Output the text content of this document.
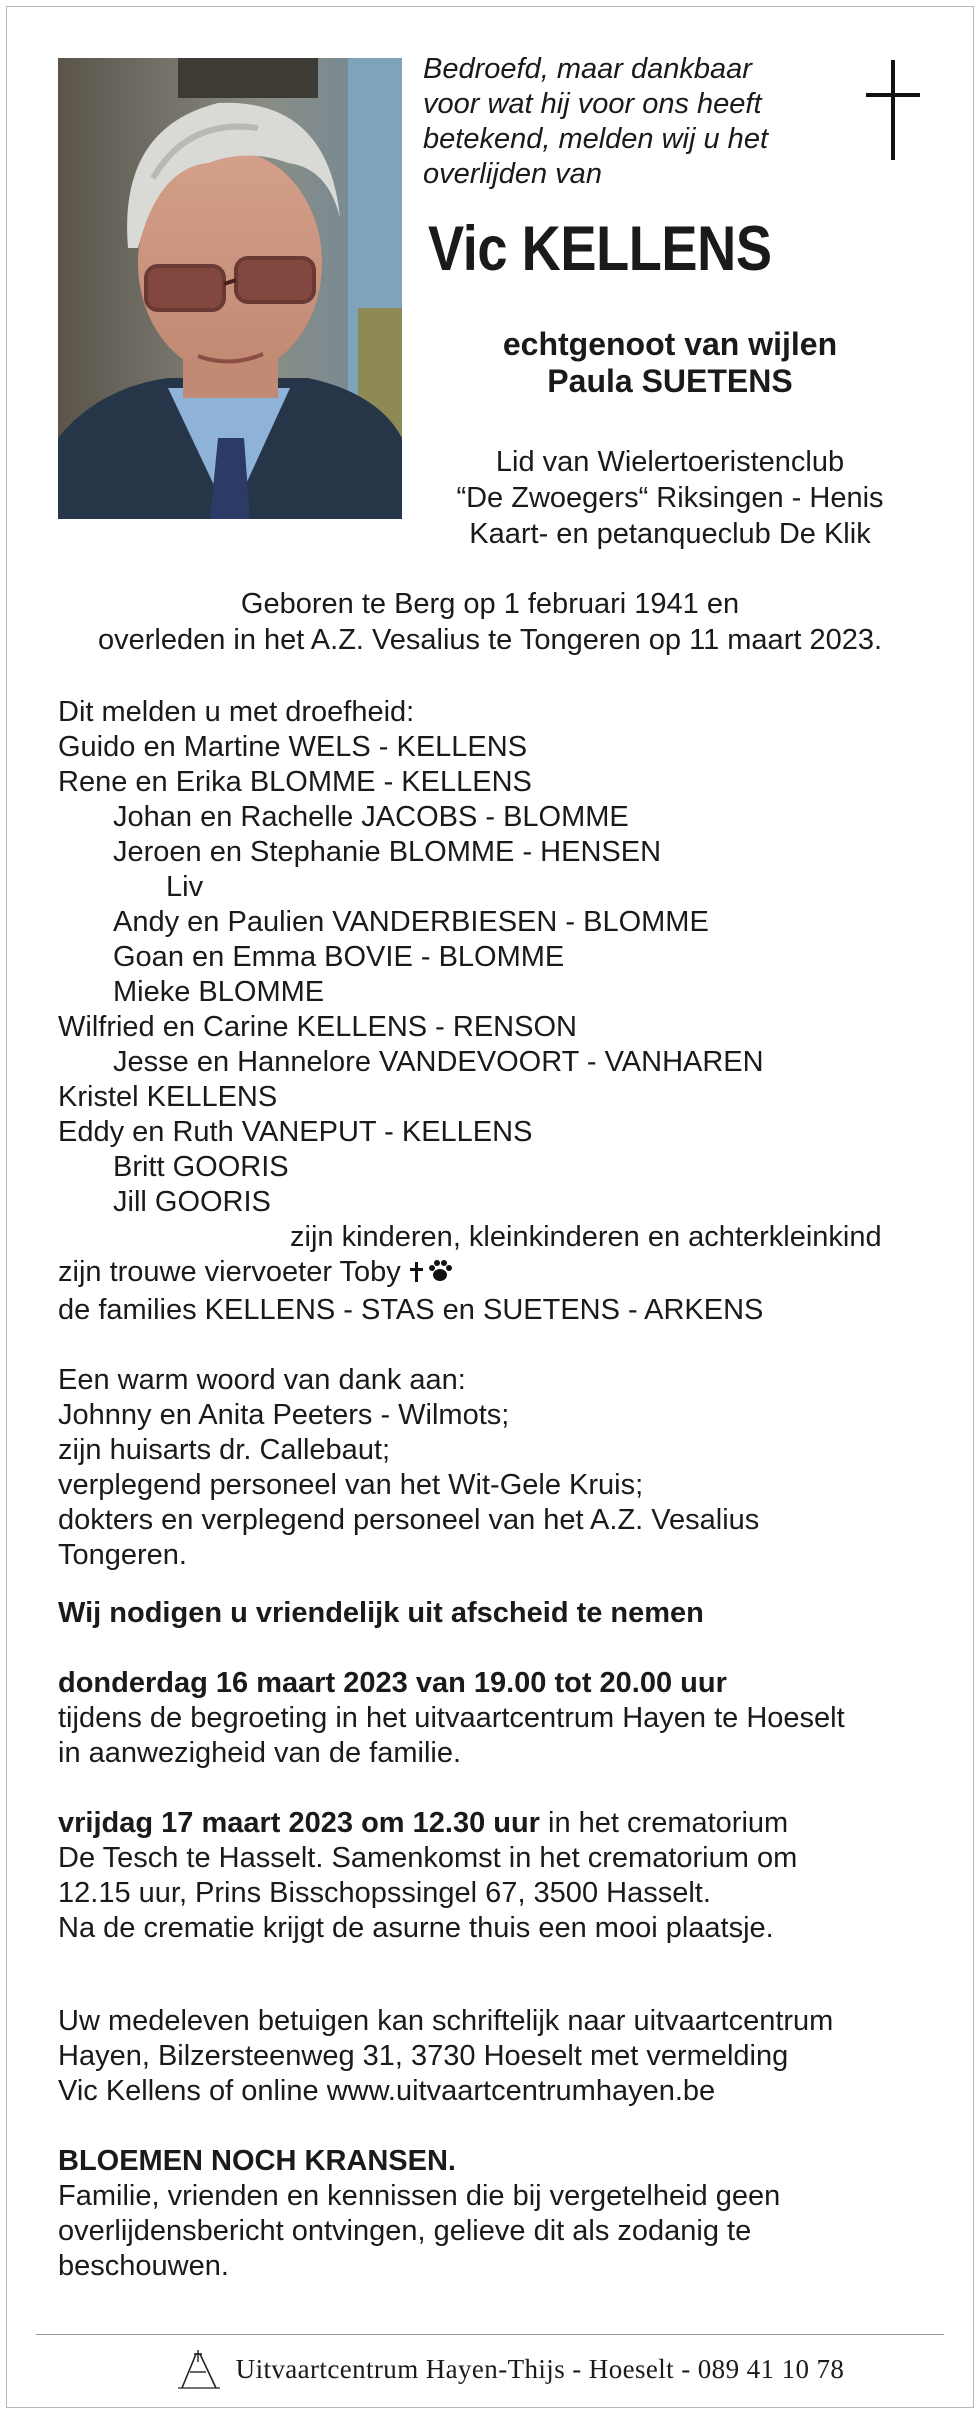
Bedroefd, maar dankbaar
voor wat hij voor ons heeft
betekend, melden wij u het
overlijden van
Vic KELLENS
echtgenoot van wijlen
Paula SUETENS
Lid van Wielertoeristenclub
“De Zwoegers“ Riksingen - Henis
Kaart- en petanqueclub De Klik
Geboren te Berg op 1 februari 1941 en
overleden in het A.Z. Vesalius te Tongeren op 11 maart 2023.
Dit melden u met droefheid:
Guido en Martine WELS - KELLENS
Rene en Erika BLOMME - KELLENS
Johan en Rachelle JACOBS - BLOMME
Jeroen en Stephanie BLOMME - HENSEN
Liv
Andy en Paulien VANDERBIESEN - BLOMME
Goan en Emma BOVIE - BLOMME
Mieke BLOMME
Wilfried en Carine KELLENS - RENSON
Jesse en Hannelore VANDEVOORT - VANHAREN
Kristel KELLENS
Eddy en Ruth VANEPUT - KELLENS
Britt GOORIS
Jill GOORIS
zijn kinderen, kleinkinderen en achterkleinkind
zijn trouwe viervoeter Toby
de families KELLENS - STAS en SUETENS - ARKENS
Een warm woord van dank aan:
Johnny en Anita Peeters - Wilmots;
zijn huisarts dr. Callebaut;
verplegend personeel van het Wit-Gele Kruis;
dokters en verplegend personeel van het A.Z. Vesalius
Tongeren.
Wij nodigen u vriendelijk uit afscheid te nemen
donderdag 16 maart 2023 van 19.00 tot 20.00 uur
tijdens de begroeting in het uitvaartcentrum Hayen te Hoeselt
in aanwezigheid van de familie.
vrijdag 17 maart 2023 om 12.30 uur in het crematorium
De Tesch te Hasselt. Samenkomst in het crematorium om
12.15 uur, Prins Bisschopssingel 67, 3500 Hasselt.
Na de crematie krijgt de asurne thuis een mooi plaatsje.
Uw medeleven betuigen kan schriftelijk naar uitvaartcentrum
Hayen, Bilzersteenweg 31, 3730 Hoeselt met vermelding
Vic Kellens of online www.uitvaartcentrumhayen.be
BLOEMEN NOCH KRANSEN.
Familie, vrienden en kennissen die bij vergetelheid geen
overlijdensbericht ontvingen, gelieve dit als zodanig te
beschouwen.
Uitvaartcentrum Hayen-Thijs - Hoeselt - 089 41 10 78
